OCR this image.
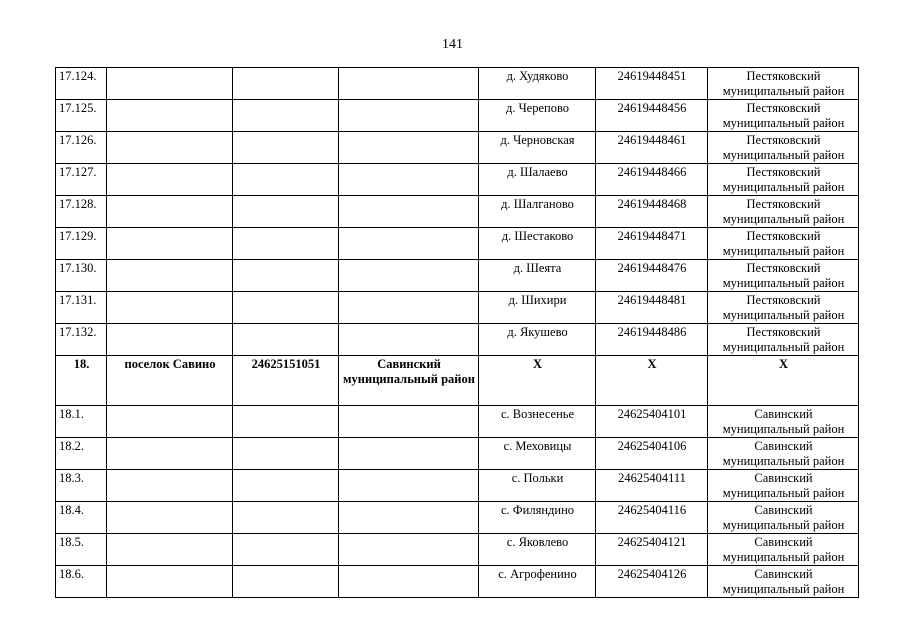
141
17.124.				д. Худяково	24619448451	Пестяковский муниципальный район
17.125.				д. Черепово	24619448456	Пестяковский муниципальный район
17.126.				д. Черновская	24619448461	Пестяковский муниципальный район
17.127.				д. Шалаево	24619448466	Пестяковский муниципальный район
17.128.				д. Шалганово	24619448468	Пестяковский муниципальный район
17.129.				д. Шестаково	24619448471	Пестяковский муниципальный район
17.130.				д. Шеята	24619448476	Пестяковский муниципальный район
17.131.				д. Шихири	24619448481	Пестяковский муниципальный район
17.132.				д. Якушево	24619448486	Пестяковский муниципальный район
18.	поселок Савино	24625151051	Савинский муниципальный район	X	X	X
18.1.				с. Вознесенье	24625404101	Савинский муниципальный район
18.2.				с. Меховицы	24625404106	Савинский муниципальный район
18.3.				с. Польки	24625404111	Савинский муниципальный район
18.4.				с. Филяндино	24625404116	Савинский муниципальный район
18.5.				с. Яковлево	24625404121	Савинский муниципальный район
18.6.				с. Агрофенино	24625404126	Савинский муниципальный район
